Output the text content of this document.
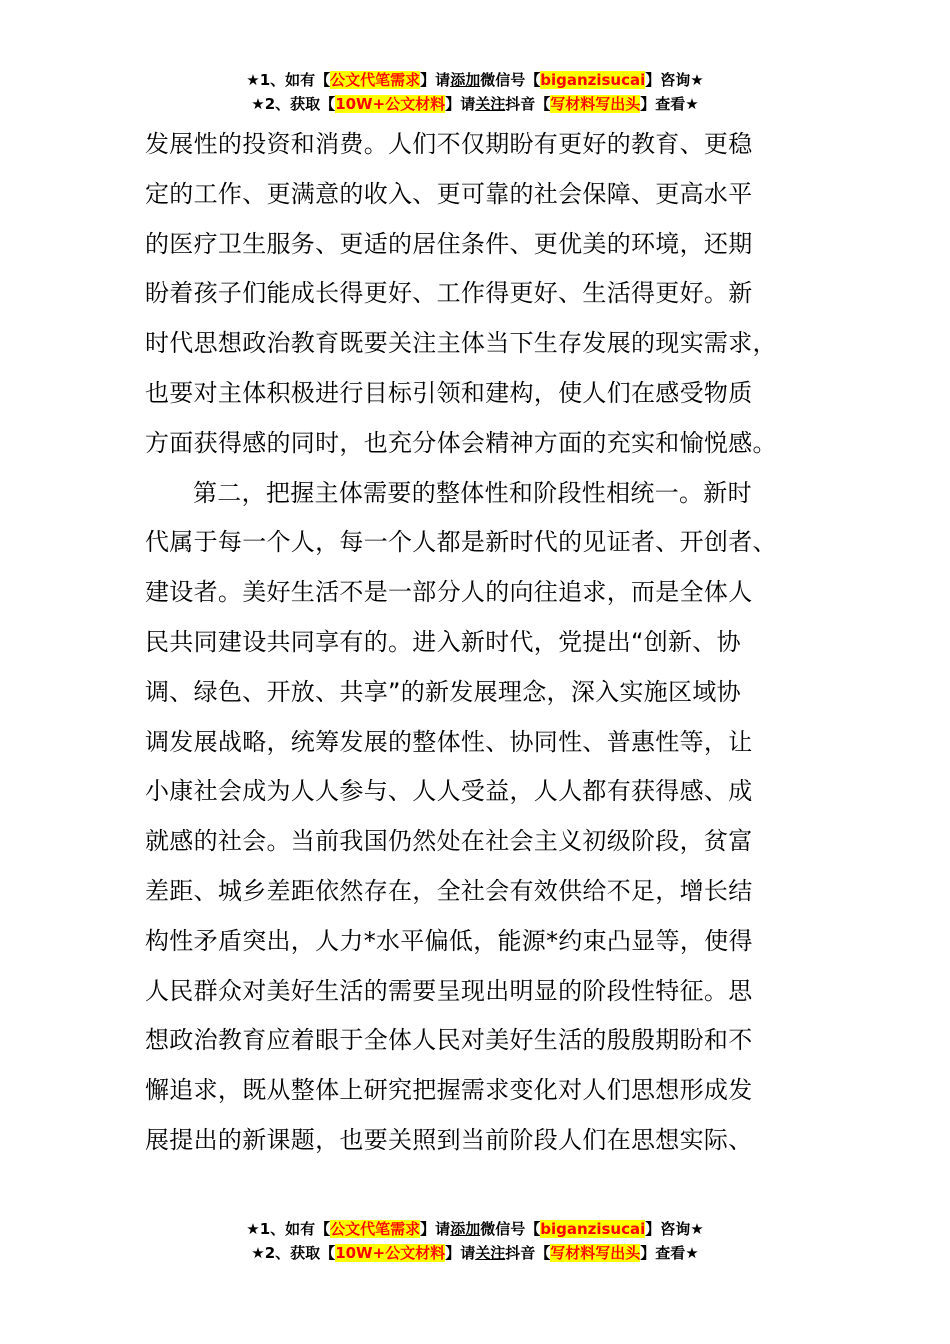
★1、如有【公文代笔需求】请添加微信号【biganzisucai】咨询★
★2、获取【10W+公文材料】请关注抖音【写材料写出头】查看★
发展性的投资和消费。人们不仅期盼有更好的教育、更稳
定的工作、更满意的收入、更可靠的社会保障、更高水平
的医疗卫生服务、更适的居住条件、更优美的环境，还期
盼着孩子们能成长得更好、工作得更好、生活得更好。新
时代思想政治教育既要关注主体当下生存发展的现实需求，
也要对主体积极进行目标引领和建构，使人们在感受物质
方面获得感的同时，也充分体会精神方面的充实和愉悦感。
第二，把握主体需要的整体性和阶段性相统一。新时
代属于每一个人，每一个人都是新时代的见证者、开创者、
建设者。美好生活不是一部分人的向往追求，而是全体人
民共同建设共同享有的。进入新时代，党提出“创新、协
调、绿色、开放、共享”的新发展理念，深入实施区域协
调发展战略，统筹发展的整体性、协同性、普惠性等，让
小康社会成为人人参与、人人受益，人人都有获得感、成
就感的社会。当前我国仍然处在社会主义初级阶段，贫富
差距、城乡差距依然存在，全社会有效供给不足，增长结
构性矛盾突出，人力*水平偏低，能源*约束凸显等，使得
人民群众对美好生活的需要呈现出明显的阶段性特征。思
想政治教育应着眼于全体人民对美好生活的殷殷期盼和不
懈追求，既从整体上研究把握需求变化对人们思想形成发
展提出的新课题，也要关照到当前阶段人们在思想实际、
★1、如有【公文代笔需求】请添加微信号【biganzisucai】咨询★
★2、获取【10W+公文材料】请关注抖音【写材料写出头】查看★
